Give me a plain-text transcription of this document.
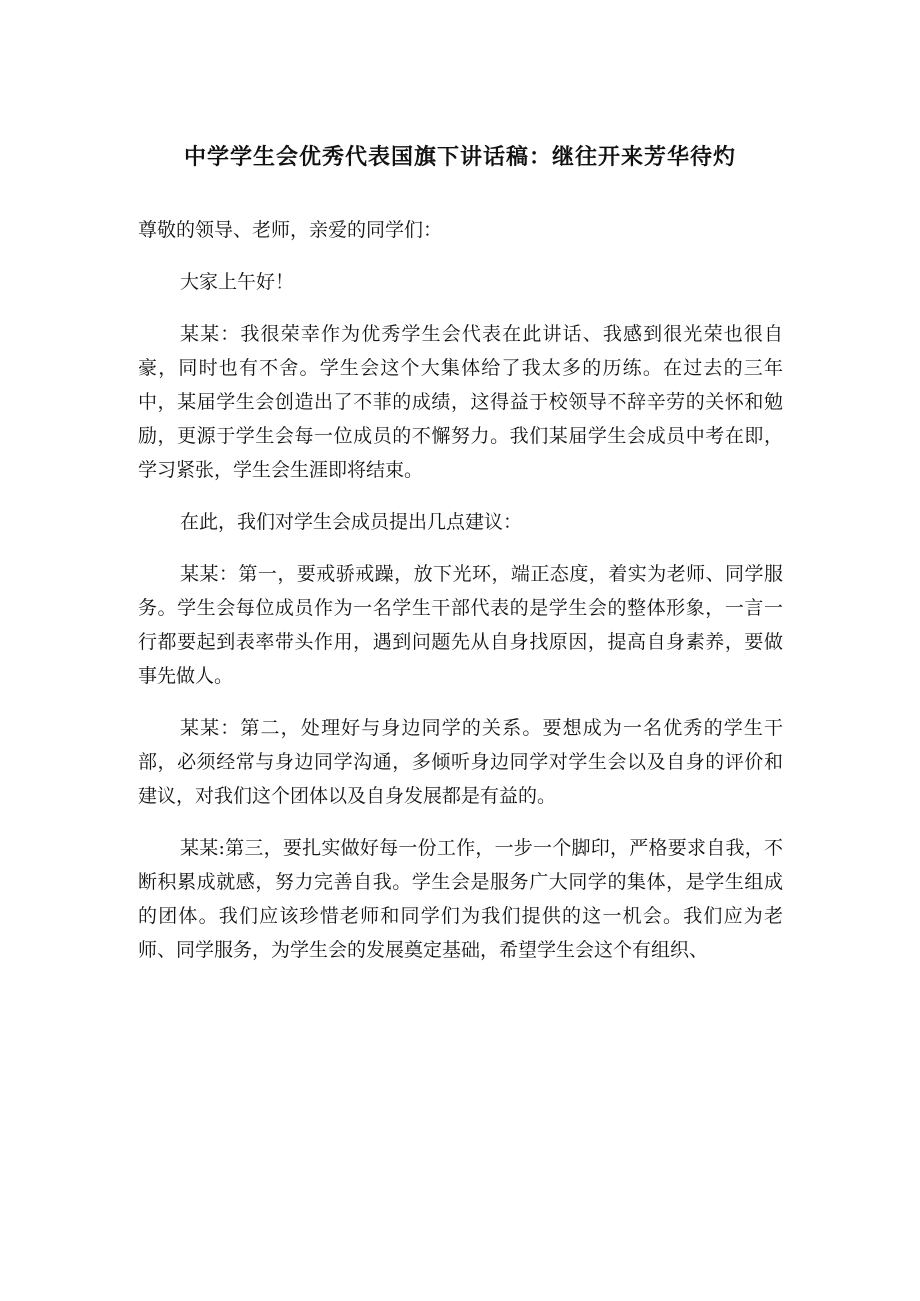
中学学生会优秀代表国旗下讲话稿：继往开来芳华待灼

尊敬的领导、老师，亲爱的同学们：

大家上午好！

某某：我很荣幸作为优秀学生会代表在此讲话、我感到很光荣也很自豪，同时也有不舍。学生会这个大集体给了我太多的历练。在过去的三年中，某届学生会创造出了不菲的成绩，这得益于校领导不辞辛劳的关怀和勉励，更源于学生会每一位成员的不懈努力。我们某届学生会成员中考在即，学习紧张，学生会生涯即将结束。

在此，我们对学生会成员提出几点建议：

某某：第一，要戒骄戒躁，放下光环，端正态度，着实为老师、同学服务。学生会每位成员作为一名学生干部代表的是学生会的整体形象，一言一行都要起到表率带头作用，遇到问题先从自身找原因，提高自身素养，要做事先做人。

某某：第二，处理好与身边同学的关系。要想成为一名优秀的学生干部，必须经常与身边同学沟通，多倾听身边同学对学生会以及自身的评价和建议，对我们这个团体以及自身发展都是有益的。

某某:第三，要扎实做好每一份工作，一步一个脚印，严格要求自我，不断积累成就感，努力完善自我。学生会是服务广大同学的集体，是学生组成的团体。我们应该珍惜老师和同学们为我们提供的这一机会。我们应为老师、同学服务，为学生会的发展奠定基础，希望学生会这个有组织、
